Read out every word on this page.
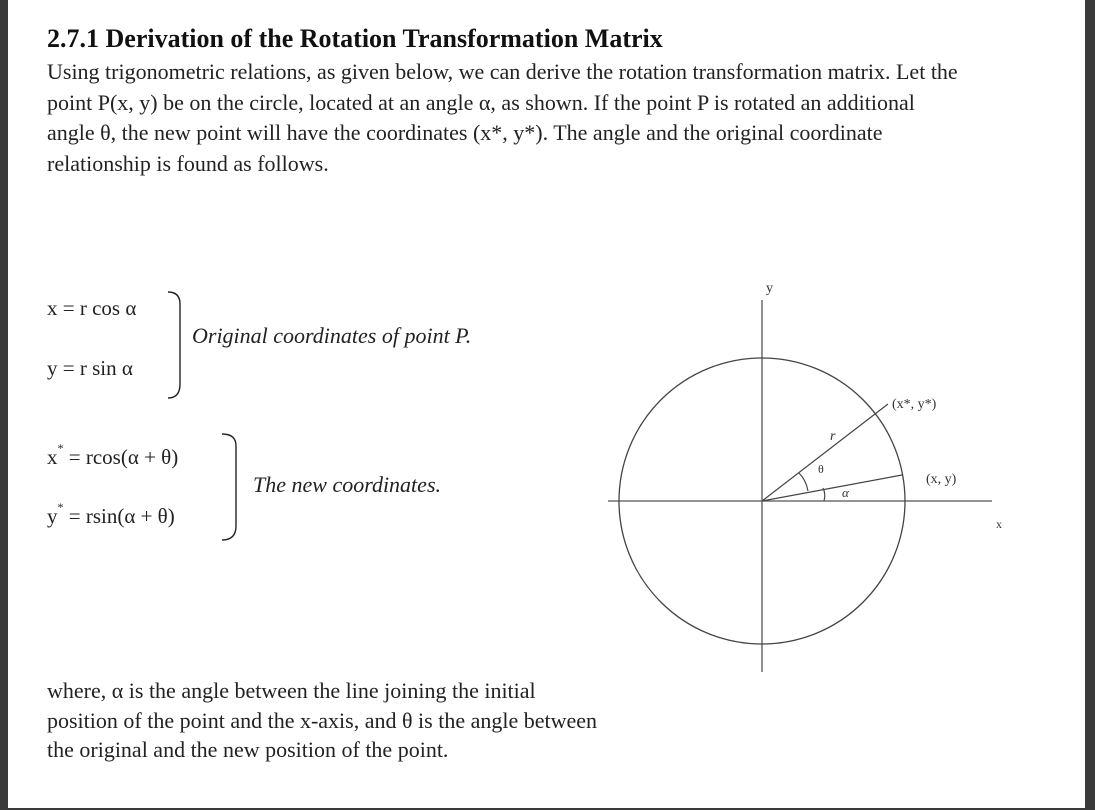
2.7.1 Derivation of the Rotation Transformation Matrix
Using trigonometric relations, as given below, we can derive the rotation transformation matrix. Let the point P(x, y) be on the circle, located at an angle α, as shown. If the point P is rotated an additional angle θ, the new point will have the coordinates (x*, y*). The angle and the original coordinate relationship is found as follows.
x = r cos α
y = r sin α
Original coordinates of point P.
x* = rcos(α + θ)
y* = rsin(α + θ)
The new coordinates.
y
x
(x*, y*)
(x, y)
r
θ
α
where, α is the angle between the line joining the initial position of the point and the x-axis, and θ is the angle between the original and the new position of the point.
